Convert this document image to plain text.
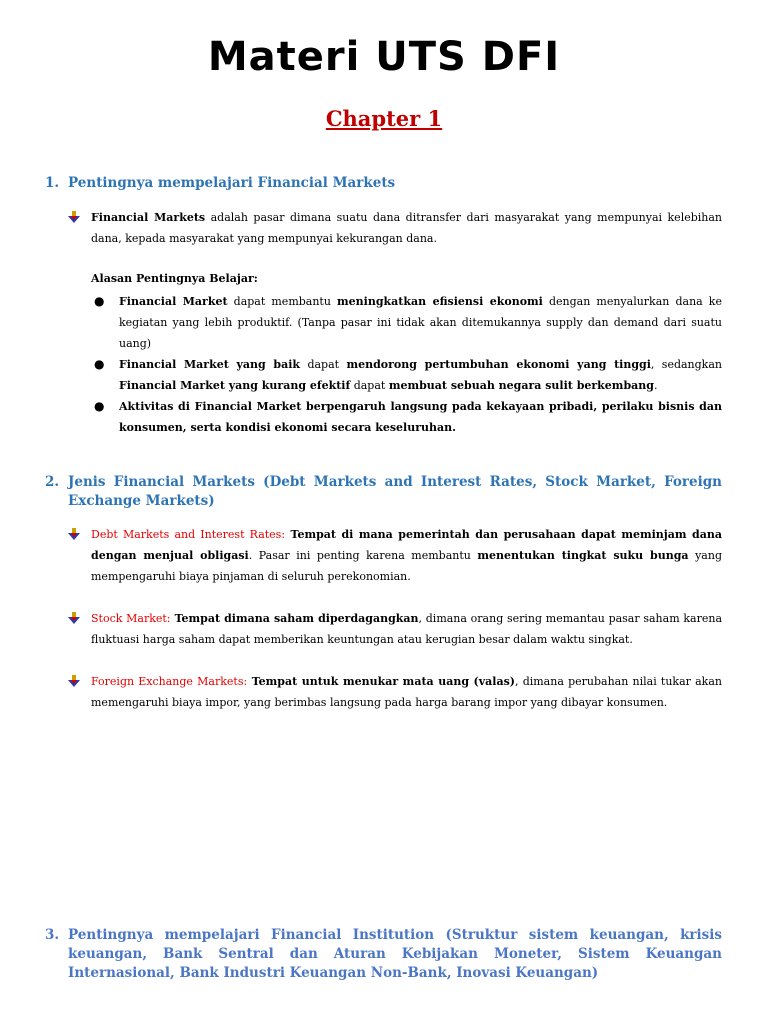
Materi UTS DFI
Chapter 1
1. Pentingnya mempelajari Financial Markets
Financial Markets adalah pasar dimana suatu dana ditransfer dari masyarakat yang mempunyai kelebihan dana, kepada masyarakat yang mempunyai kekurangan dana.
Alasan Pentingnya Belajar:
● Financial Market dapat membantu meningkatkan efisiensi ekonomi dengan menyalurkan dana ke kegiatan yang lebih produktif. (Tanpa pasar ini tidak akan ditemukannya supply dan demand dari suatu uang)
● Financial Market yang baik dapat mendorong pertumbuhan ekonomi yang tinggi, sedangkan Financial Market yang kurang efektif dapat membuat sebuah negara sulit berkembang.
● Aktivitas di Financial Market berpengaruh langsung pada kekayaan pribadi, perilaku bisnis dan konsumen, serta kondisi ekonomi secara keseluruhan.
2. Jenis Financial Markets (Debt Markets and Interest Rates, Stock Market, Foreign Exchange Markets)
Debt Markets and Interest Rates: Tempat di mana pemerintah dan perusahaan dapat meminjam dana dengan menjual obligasi. Pasar ini penting karena membantu menentukan tingkat suku bunga yang mempengaruhi biaya pinjaman di seluruh perekonomian.
Stock Market: Tempat dimana saham diperdagangkan, dimana orang sering memantau pasar saham karena fluktuasi harga saham dapat memberikan keuntungan atau kerugian besar dalam waktu singkat.
Foreign Exchange Markets: Tempat untuk menukar mata uang (valas), dimana perubahan nilai tukar akan memengaruhi biaya impor, yang berimbas langsung pada harga barang impor yang dibayar konsumen.
3. Pentingnya mempelajari Financial Institution (Struktur sistem keuangan, krisis keuangan, Bank Sentral dan Aturan Kebijakan Moneter, Sistem Keuangan Internasional, Bank Industri Keuangan Non-Bank, Inovasi Keuangan)
